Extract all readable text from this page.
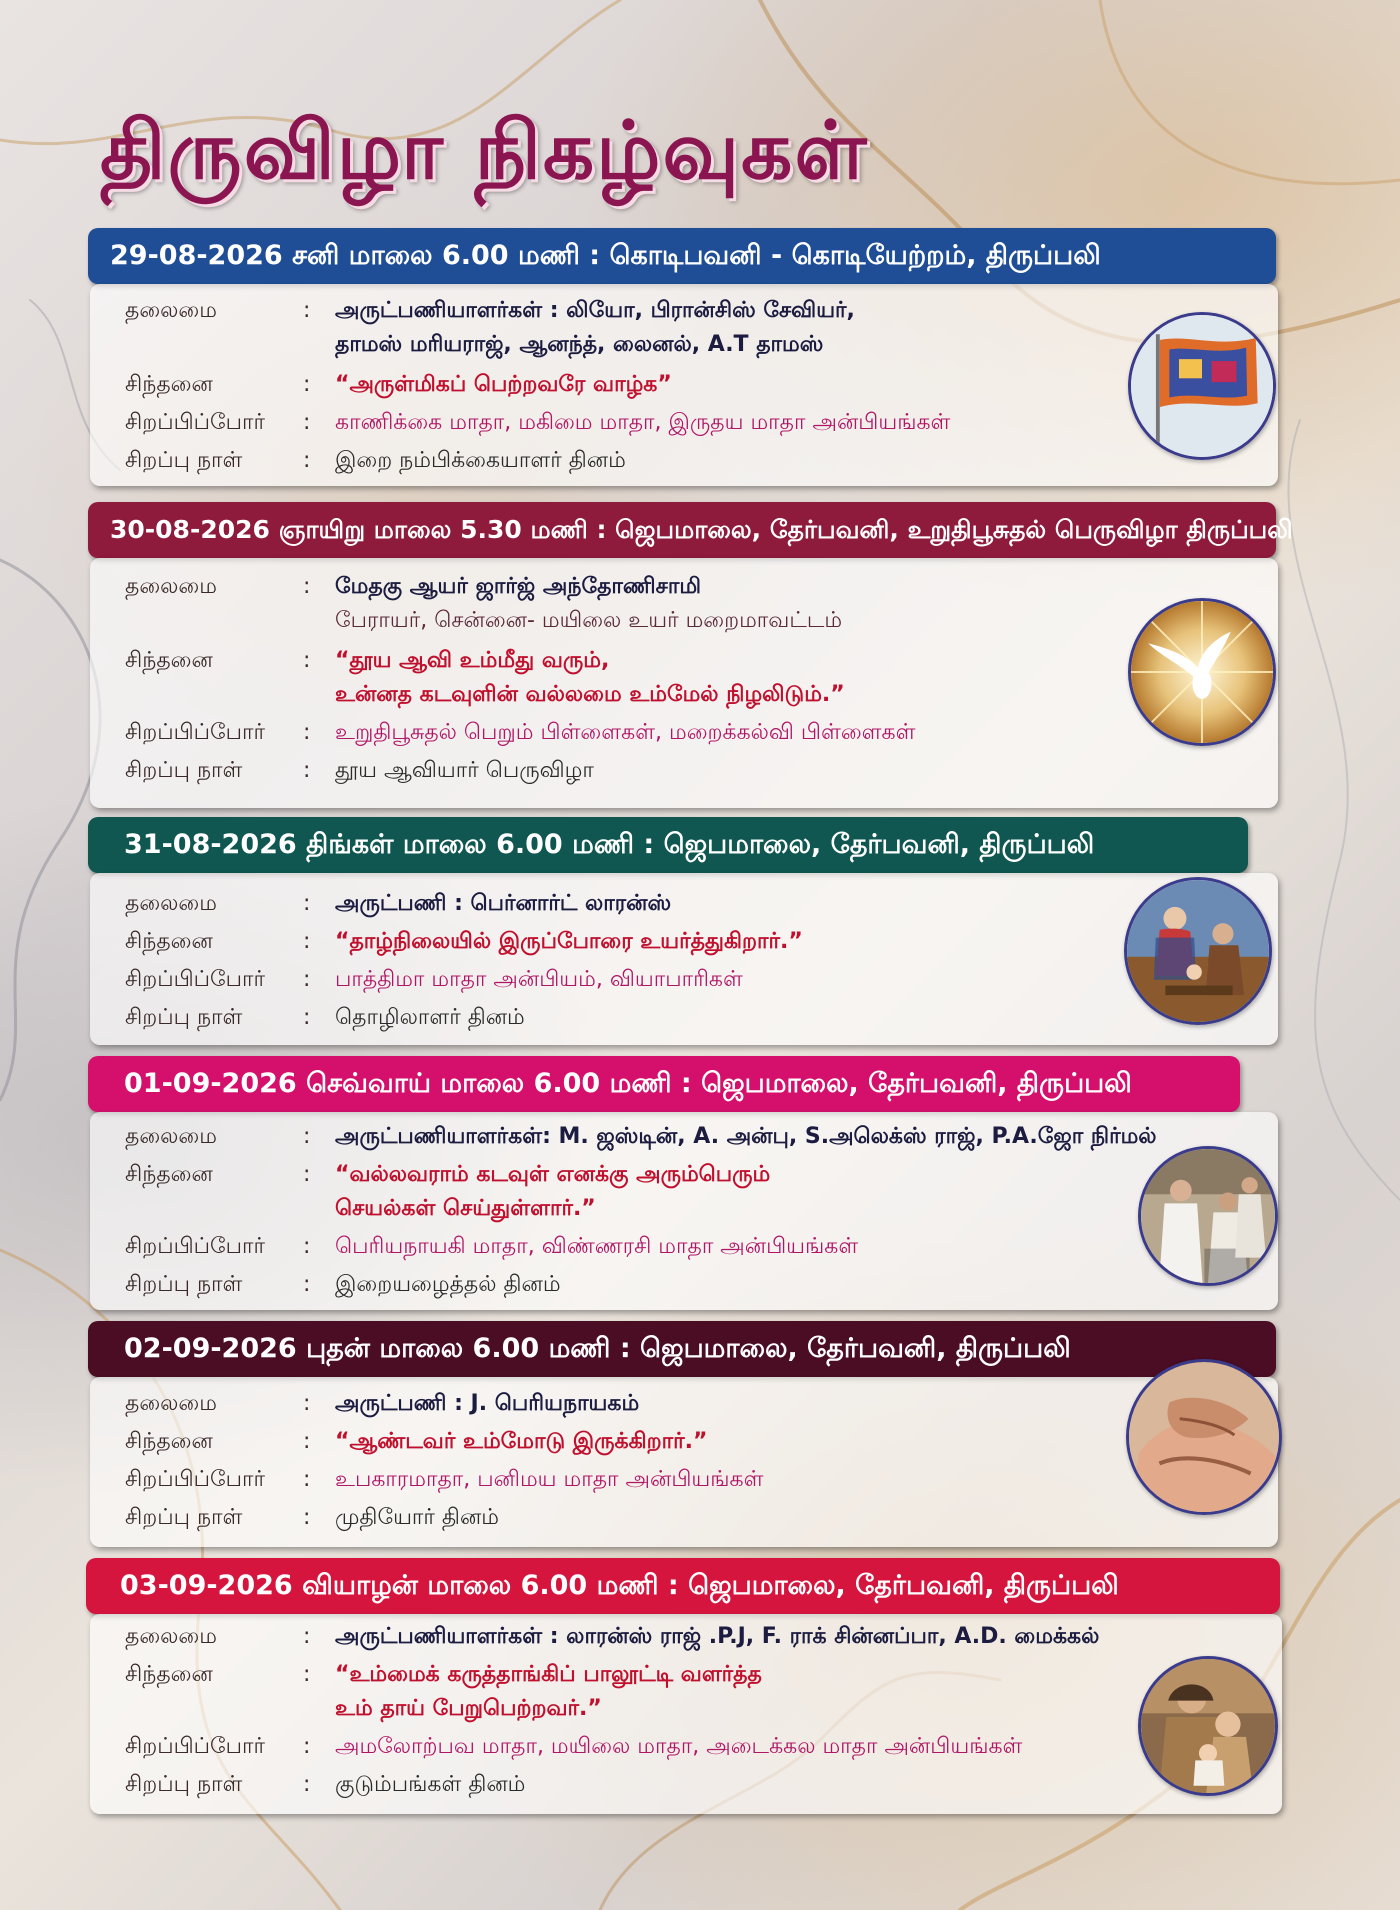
திருவிழா நிகழ்வுகள்
29-08-2026 சனி மாலை 6.00 மணி : கொடிபவனி - கொடியேற்றம், திருப்பலி
தலைமை	: அருட்பணியாளர்கள் : லியோ, பிரான்சிஸ் சேவியர்,
தாமஸ் மரியராஜ், ஆனந்த், லைனல், A.T தாமஸ்
சிந்தனை	: “அருள்மிகப் பெற்றவரே வாழ்க”
சிறப்பிப்போர்	: காணிக்கை மாதா, மகிமை மாதா, இருதய மாதா அன்பியங்கள்
சிறப்பு நாள்	: இறை நம்பிக்கையாளர் தினம்
30-08-2026 ஞாயிறு மாலை 5.30 மணி : ஜெபமாலை, தேர்பவனி, உறுதிபூசுதல் பெருவிழா திருப்பலி
தலைமை	: மேதகு ஆயர் ஜார்ஜ் அந்தோணிசாமி
பேராயர், சென்னை- மயிலை உயர் மறைமாவட்டம்
சிந்தனை	: “தூய ஆவி உம்மீது வரும்,
உன்னத கடவுளின் வல்லமை உம்மேல் நிழலிடும்.”
சிறப்பிப்போர்	: உறுதிபூசுதல் பெறும் பிள்ளைகள், மறைக்கல்வி பிள்ளைகள்
சிறப்பு நாள்	: தூய ஆவியார் பெருவிழா
31-08-2026 திங்கள் மாலை 6.00 மணி : ஜெபமாலை, தேர்பவனி, திருப்பலி
தலைமை	: அருட்பணி : பெர்னார்ட் லாரன்ஸ்
சிந்தனை	: “தாழ்நிலையில் இருப்போரை உயர்த்துகிறார்.”
சிறப்பிப்போர்	: பாத்திமா மாதா அன்பியம், வியாபாரிகள்
சிறப்பு நாள்	: தொழிலாளர் தினம்
01-09-2026 செவ்வாய் மாலை 6.00 மணி : ஜெபமாலை, தேர்பவனி, திருப்பலி
தலைமை	: அருட்பணியாளர்கள்: M. ஜஸ்டின், A. அன்பு, S.அலெக்ஸ் ராஜ், P.A.ஜோ நிர்மல்
சிந்தனை	: “வல்லவராம் கடவுள் எனக்கு அரும்பெரும்
செயல்கள் செய்துள்ளார்.”
சிறப்பிப்போர்	: பெரியநாயகி மாதா, விண்ணரசி மாதா அன்பியங்கள்
சிறப்பு நாள்	: இறையழைத்தல் தினம்
02-09-2026 புதன் மாலை 6.00 மணி : ஜெபமாலை, தேர்பவனி, திருப்பலி
தலைமை	: அருட்பணி : J. பெரியநாயகம்
சிந்தனை	: “ஆண்டவர் உம்மோடு இருக்கிறார்.”
சிறப்பிப்போர்	: உபகாரமாதா, பனிமய மாதா அன்பியங்கள்
சிறப்பு நாள்	: முதியோர் தினம்
03-09-2026 வியாழன் மாலை 6.00 மணி : ஜெபமாலை, தேர்பவனி, திருப்பலி
தலைமை	: அருட்பணியாளர்கள் : லாரன்ஸ் ராஜ் .P.J, F. ராக் சின்னப்பா, A.D. மைக்கல்
சிந்தனை	: “உம்மைக் கருத்தாங்கிப் பாலூட்டி வளர்த்த
உம் தாய் பேறுபெற்றவர்.”
சிறப்பிப்போர்	: அமலோற்பவ மாதா, மயிலை மாதா, அடைக்கல மாதா அன்பியங்கள்
சிறப்பு நாள்	: குடும்பங்கள் தினம்
